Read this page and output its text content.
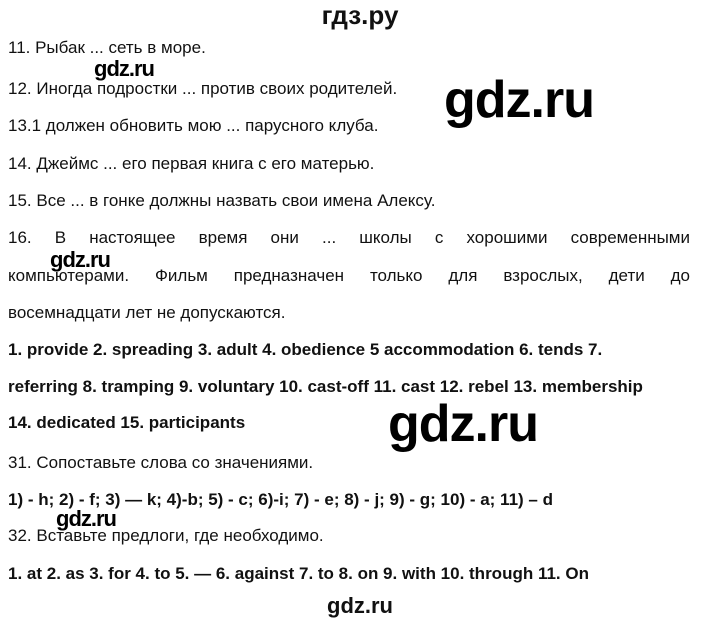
гдз.ру
11. Рыбак ... сеть в море.
gdz.ru
12. Иногда подростки ... против своих родителей. gdz.ru
13.1 должен обновить мою ... парусного клуба.
14. Джеймс ... его первая книга с его матерью.
15. Все ... в гонке должны назвать свои имена Алексу.
16. В настоящее время они ... школы с хорошими современными
gdz.ru
компьютерами. Фильм предназначен только для взрослых, дети до
восемнадцати лет не допускаются.
1. provide 2. spreading 3. adult 4. obedience 5 accommodation 6. tends 7.
referring 8. tramping 9. voluntary 10. cast-off 11. cast 12. rebel 13. membership
14. dedicated 15. participants	gdz.ru
31. Сопоставьте слова со значениями.
1) - h; 2) - f; 3) — k; 4)-b; 5) - c; 6)-i; 7) - e; 8) - j; 9) - g; 10) - a; 11) – d
gdz.ru
32. Вставьте предлоги, где необходимо.
1. at 2. as 3. for 4. to 5. — 6. against 7. to 8. on 9. with 10. through 11. On
gdz.ru
